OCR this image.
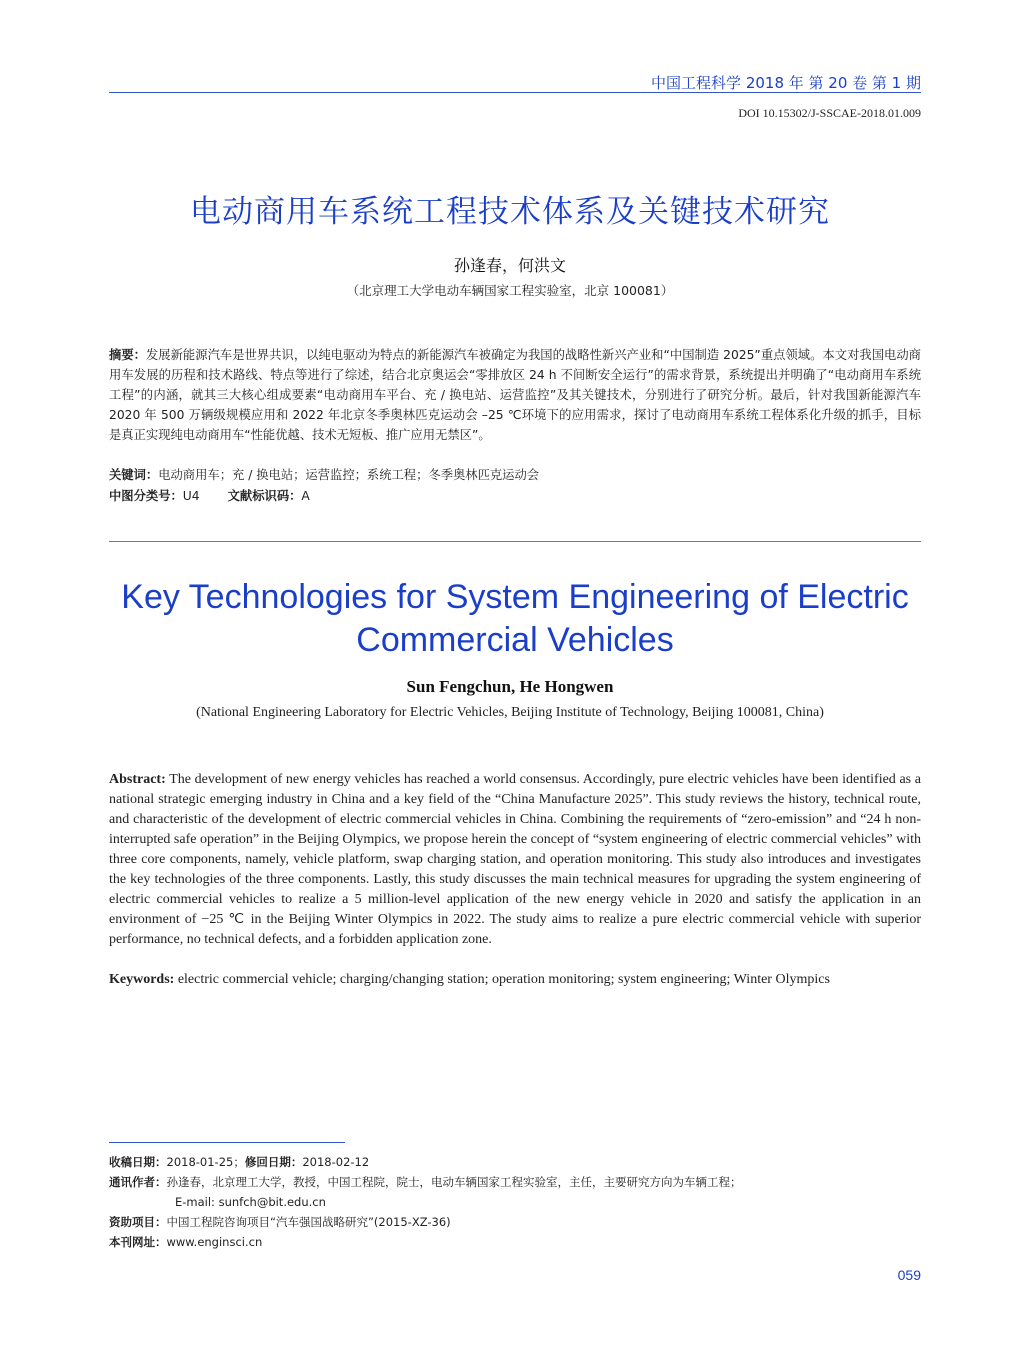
中国工程科学 2018 年 第 20 卷 第 1 期
DOI 10.15302/J-SSCAE-2018.01.009
电动商用车系统工程技术体系及关键技术研究
孙逢春，何洪文
（北京理工大学电动车辆国家工程实验室，北京 100081）
摘要：发展新能源汽车是世界共识，以纯电驱动为特点的新能源汽车被确定为我国的战略性新兴产业和“中国制造 2025”重点领域。本文对我国电动商用车发展的历程和技术路线、特点等进行了综述，结合北京奥运会“零排放区 24 h 不间断安全运行”的需求背景，系统提出并明确了“电动商用车系统工程”的内涵，就其三大核心组成要素“电动商用车平台、充 / 换电站、运营监控”及其关键技术，分别进行了研究分析。最后，针对我国新能源汽车 2020 年 500 万辆级规模应用和 2022 年北京冬季奥林匹克运动会 –25 ℃环境下的应用需求，探讨了电动商用车系统工程体系化升级的抓手，目标是真正实现纯电动商用车“性能优越、技术无短板、推广应用无禁区”。
关键词：电动商用车；充 / 换电站；运营监控；系统工程；冬季奥林匹克运动会
中图分类号：U4 文献标识码：A
Key Technologies for System Engineering of Electric Commercial Vehicles
Sun Fengchun, He Hongwen
(National Engineering Laboratory for Electric Vehicles, Beijing Institute of Technology, Beijing 100081, China)
Abstract: The development of new energy vehicles has reached a world consensus. Accordingly, pure electric vehicles have been identified as a national strategic emerging industry in China and a key field of the “China Manufacture 2025”. This study reviews the history, technical route, and characteristic of the development of electric commercial vehicles in China. Combining the requirements of “zero-emission” and “24 h non-interrupted safe operation” in the Beijing Olympics, we propose herein the concept of “system engineering of electric commercial vehicles” with three core components, namely, vehicle platform, swap charging station, and operation monitoring. This study also introduces and investigates the key technologies of the three components. Lastly, this study discusses the main technical measures for upgrading the system engineering of electric commercial vehicles to realize a 5 million-level application of the new energy vehicle in 2020 and satisfy the application in an environment of −25 ℃ in the Beijing Winter Olympics in 2022. The study aims to realize a pure electric commercial vehicle with superior performance, no technical defects, and a forbidden application zone.
Keywords: electric commercial vehicle; charging/changing station; operation monitoring; system engineering; Winter Olympics
收稿日期： 2018-01-25； 修回日期： 2018-02-12
通讯作者： 孙逢春，北京理工大学，教授，中国工程院，院士，电动车辆国家工程实验室，主任，主要研究方向为车辆工程；
E-mail: sunfch@bit.edu.cn
资助项目： 中国工程院咨询项目“汽车强国战略研究”(2015-XZ-36)
本刊网址： www.enginsci.cn
059
